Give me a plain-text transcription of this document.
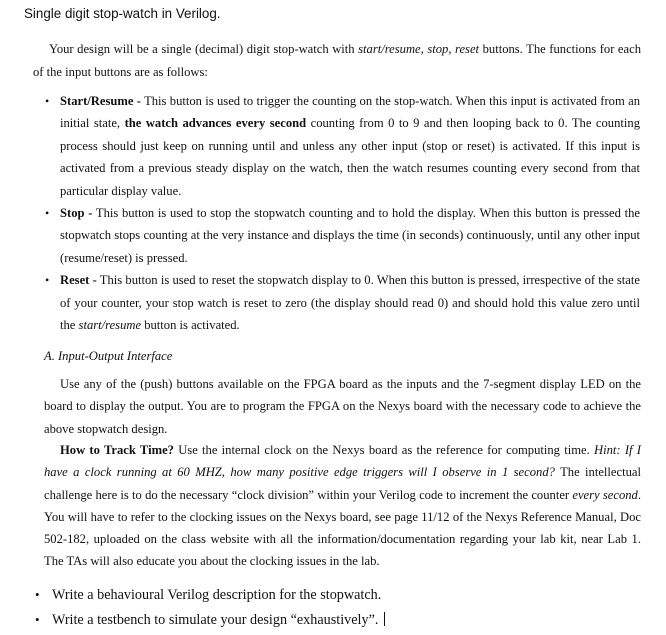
Single digit stop-watch in Verilog.

Your design will be a single (decimal) digit stop-watch with start/resume, stop, reset buttons. The functions for each of the input buttons are as follows:

• Start/Resume - This button is used to trigger the counting on the stop-watch. When this input is activated from an initial state, the watch advances every second counting from 0 to 9 and then looping back to 0. The counting process should just keep on running until and unless any other input (stop or reset) is activated. If this input is activated from a previous steady display on the watch, then the watch resumes counting every second from that particular display value.
• Stop - This button is used to stop the stopwatch counting and to hold the display. When this button is pressed the stopwatch stops counting at the very instance and displays the time (in seconds) continuously, until any other input (resume/reset) is pressed.
• Reset - This button is used to reset the stopwatch display to 0. When this button is pressed, irrespective of the state of your counter, your stop watch is reset to zero (the display should read 0) and should hold this value zero until the start/resume button is activated.
A. Input-Output Interface

Use any of the (push) buttons available on the FPGA board as the inputs and the 7-segment display LED on the board to display the output. You are to program the FPGA on the Nexys board with the necessary code to achieve the above stopwatch design.

How to Track Time? Use the internal clock on the Nexys board as the reference for computing time. Hint: If I have a clock running at 60 MHZ, how many positive edge triggers will I observe in 1 second? The intellectual challenge here is to do the necessary “clock division” within your Verilog code to increment the counter every second. You will have to refer to the clocking issues on the Nexys board, see page 11/12 of the Nexys Reference Manual, Doc 502-182, uploaded on the class website with all the information/documentation regarding your lab kit, near Lab 1. The TAs will also educate you about the clocking issues in the lab.

• Write a behavioural Verilog description for the stopwatch.
• Write a testbench to simulate your design “exhaustively”.
